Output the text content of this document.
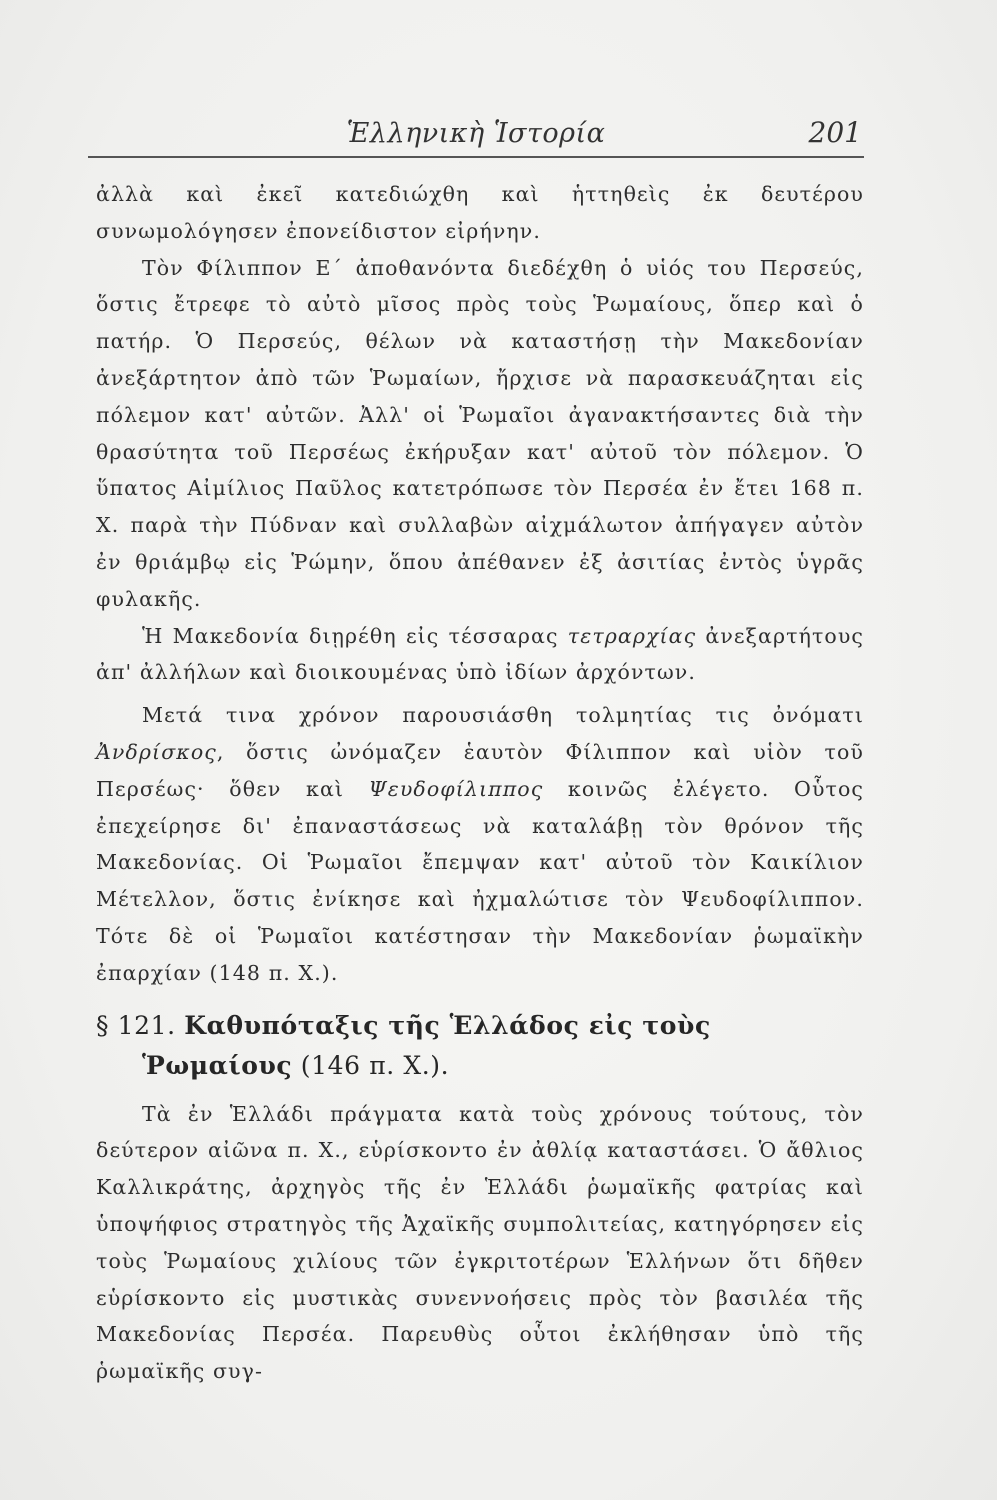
Ἑλληνικὴ Ἱστορία	201

ἀλλὰ καὶ ἐκεῖ κατεδιώχθη καὶ ἡττηθεὶς ἐκ δευτέρου συνωμολόγησεν ἐπονείδιστον εἰρήνην.

Τὸν Φίλιππον Ε΄ ἀποθανόντα διεδέχθη ὁ υἱός του Περσεύς, ὅστις ἔτρεφε τὸ αὐτὸ μῖσος πρὸς τοὺς Ῥωμαίους, ὅπερ καὶ ὁ πατήρ. Ὁ Περσεύς, θέλων νὰ καταστήσῃ τὴν Μακεδονίαν ἀνεξάρτητον ἀπὸ τῶν Ῥωμαίων, ἤρχισε νὰ παρασκευάζηται εἰς πόλεμον κατ' αὐτῶν. Ἀλλ' οἱ Ῥωμαῖοι ἀγανακτήσαντες διὰ τὴν θρασύτητα τοῦ Περσέως ἐκήρυξαν κατ' αὐτοῦ τὸν πόλεμον. Ὁ ὕπατος Αἰμίλιος Παῦλος κατετρόπωσε τὸν Περσέα ἐν ἔτει 168 π. Χ. παρὰ τὴν Πύδναν καὶ συλλαβὼν αἰχμάλωτον ἀπήγαγεν αὐτὸν ἐν θριάμβῳ εἰς Ῥώμην, ὅπου ἀπέθανεν ἐξ ἀσιτίας ἐντὸς ὑγρᾶς φυλακῆς.

Ἡ Μακεδονία διῃρέθη εἰς τέσσαρας τετραρχίας ἀνεξαρτήτους ἀπ' ἀλλήλων καὶ διοικουμένας ὑπὸ ἰδίων ἀρχόντων.

Μετά τινα χρόνον παρουσιάσθη τολμητίας τις ὀνόματι Ἀνδρίσκος, ὅστις ὠνόμαζεν ἑαυτὸν Φίλιππον καὶ υἱὸν τοῦ Περσέως· ὅθεν καὶ Ψευδοφίλιππος κοινῶς ἐλέγετο. Οὗτος ἐπεχείρησε δι' ἐπαναστάσεως νὰ καταλάβῃ τὸν θρόνον τῆς Μακεδονίας. Οἱ Ῥωμαῖοι ἔπεμψαν κατ' αὐτοῦ τὸν Καικίλιον Μέτελλον, ὅστις ἐνίκησε καὶ ἠχμαλώτισε τὸν Ψευδοφίλιππον. Τότε δὲ οἱ Ῥωμαῖοι κατέστησαν τὴν Μακεδονίαν ῥωμαϊκὴν ἐπαρχίαν (148 π. Χ.).

§ 121. Καθυπόταξις τῆς Ἑλλάδος εἰς τοὺς
Ῥωμαίους (146 π. Χ.).

Τὰ ἐν Ἑλλάδι πράγματα κατὰ τοὺς χρόνους τούτους, τὸν δεύτερον αἰῶνα π. Χ., εὑρίσκοντο ἐν ἀθλίᾳ καταστάσει. Ὁ ἄθλιος Καλλικράτης, ἀρχηγὸς τῆς ἐν Ἑλλάδι ῥωμαϊκῆς φατρίας καὶ ὑποψήφιος στρατηγὸς τῆς Ἀχαϊκῆς συμπολιτείας, κατηγόρησεν εἰς τοὺς Ῥωμαίους χιλίους τῶν ἐγκριτοτέρων Ἑλλήνων ὅτι δῆθεν εὑρίσκοντο εἰς μυστικὰς συνεννοήσεις πρὸς τὸν βασιλέα τῆς Μακεδονίας Περσέα. Παρευθὺς οὗτοι ἐκλήθησαν ὑπὸ τῆς ῥωμαϊκῆς συγ-
